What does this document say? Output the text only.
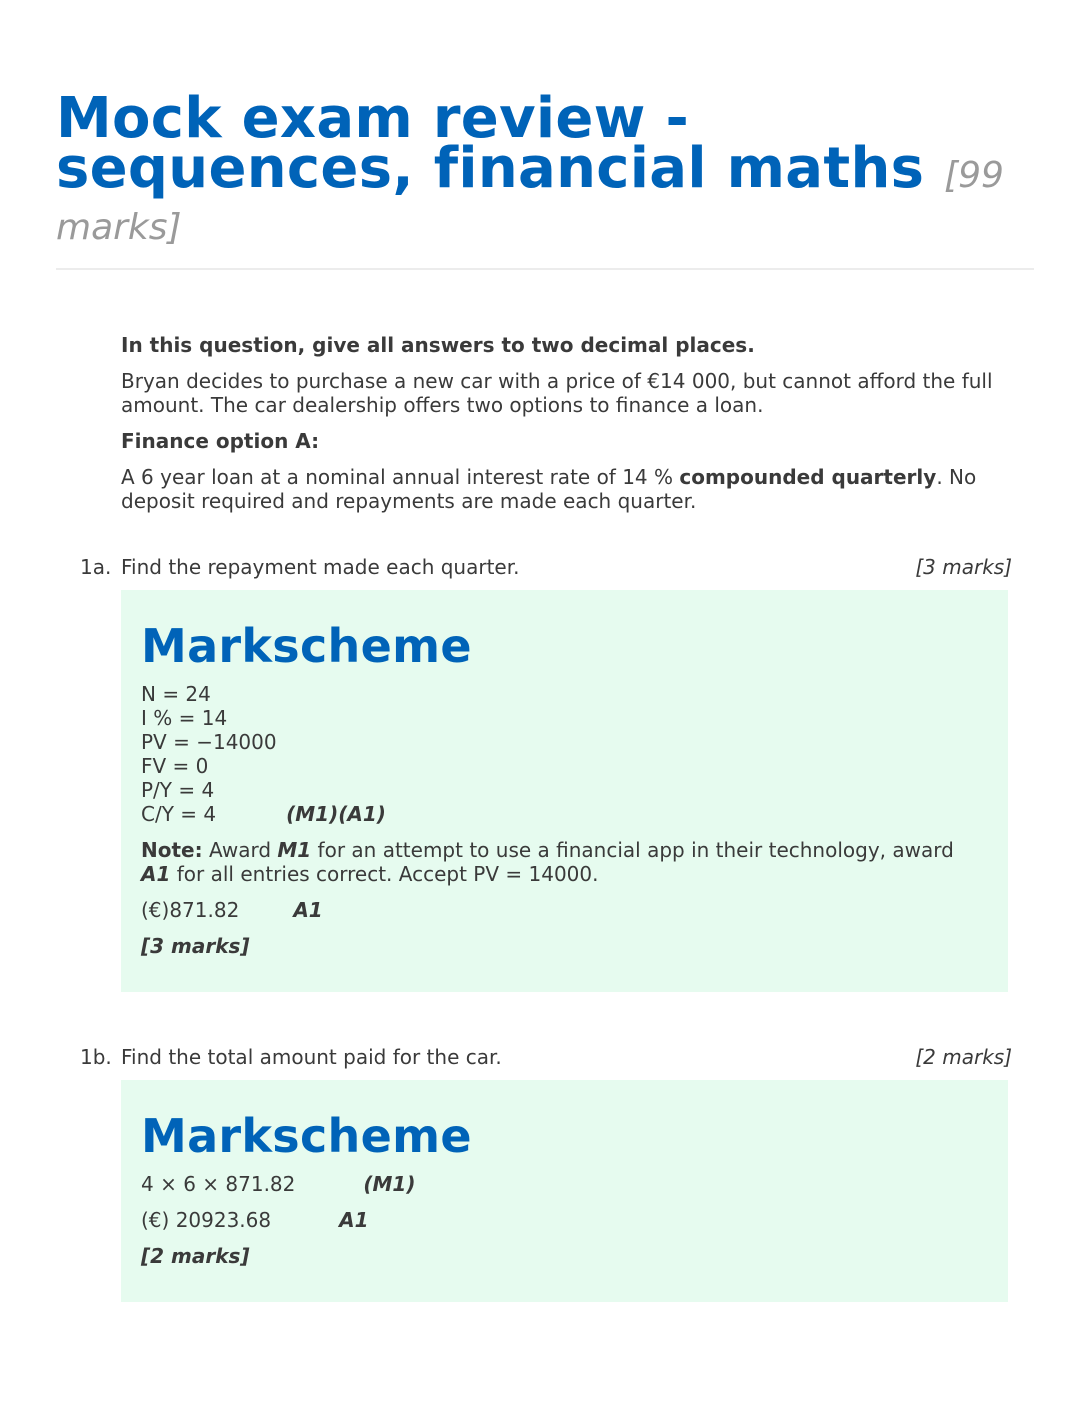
Mock exam review - sequences, financial maths [99
marks]

In this question, give all answers to two decimal places.

Bryan decides to purchase a new car with a price of €14 000, but cannot afford the full amount. The car dealership offers two options to finance a loan.

Finance option A:

A 6 year loan at a nominal annual interest rate of 14 % compounded quarterly. No deposit required and repayments are made each quarter.

1a. Find the repayment made each quarter.	[3 marks]
Markscheme
N = 24
I % = 14
PV = −14000
FV = 0
P/Y = 4
C/Y = 4	(M1)(A1)

Note: Award M1 for an attempt to use a financial app in their technology, award A1 for all entries correct. Accept PV = 14000.

(€)871.82	A1

[3 marks]

1b. Find the total amount paid for the car.	[2 marks]
Markscheme

4 × 6 × 871.82	(M1)

(€) 20923.68	A1

[2 marks]
